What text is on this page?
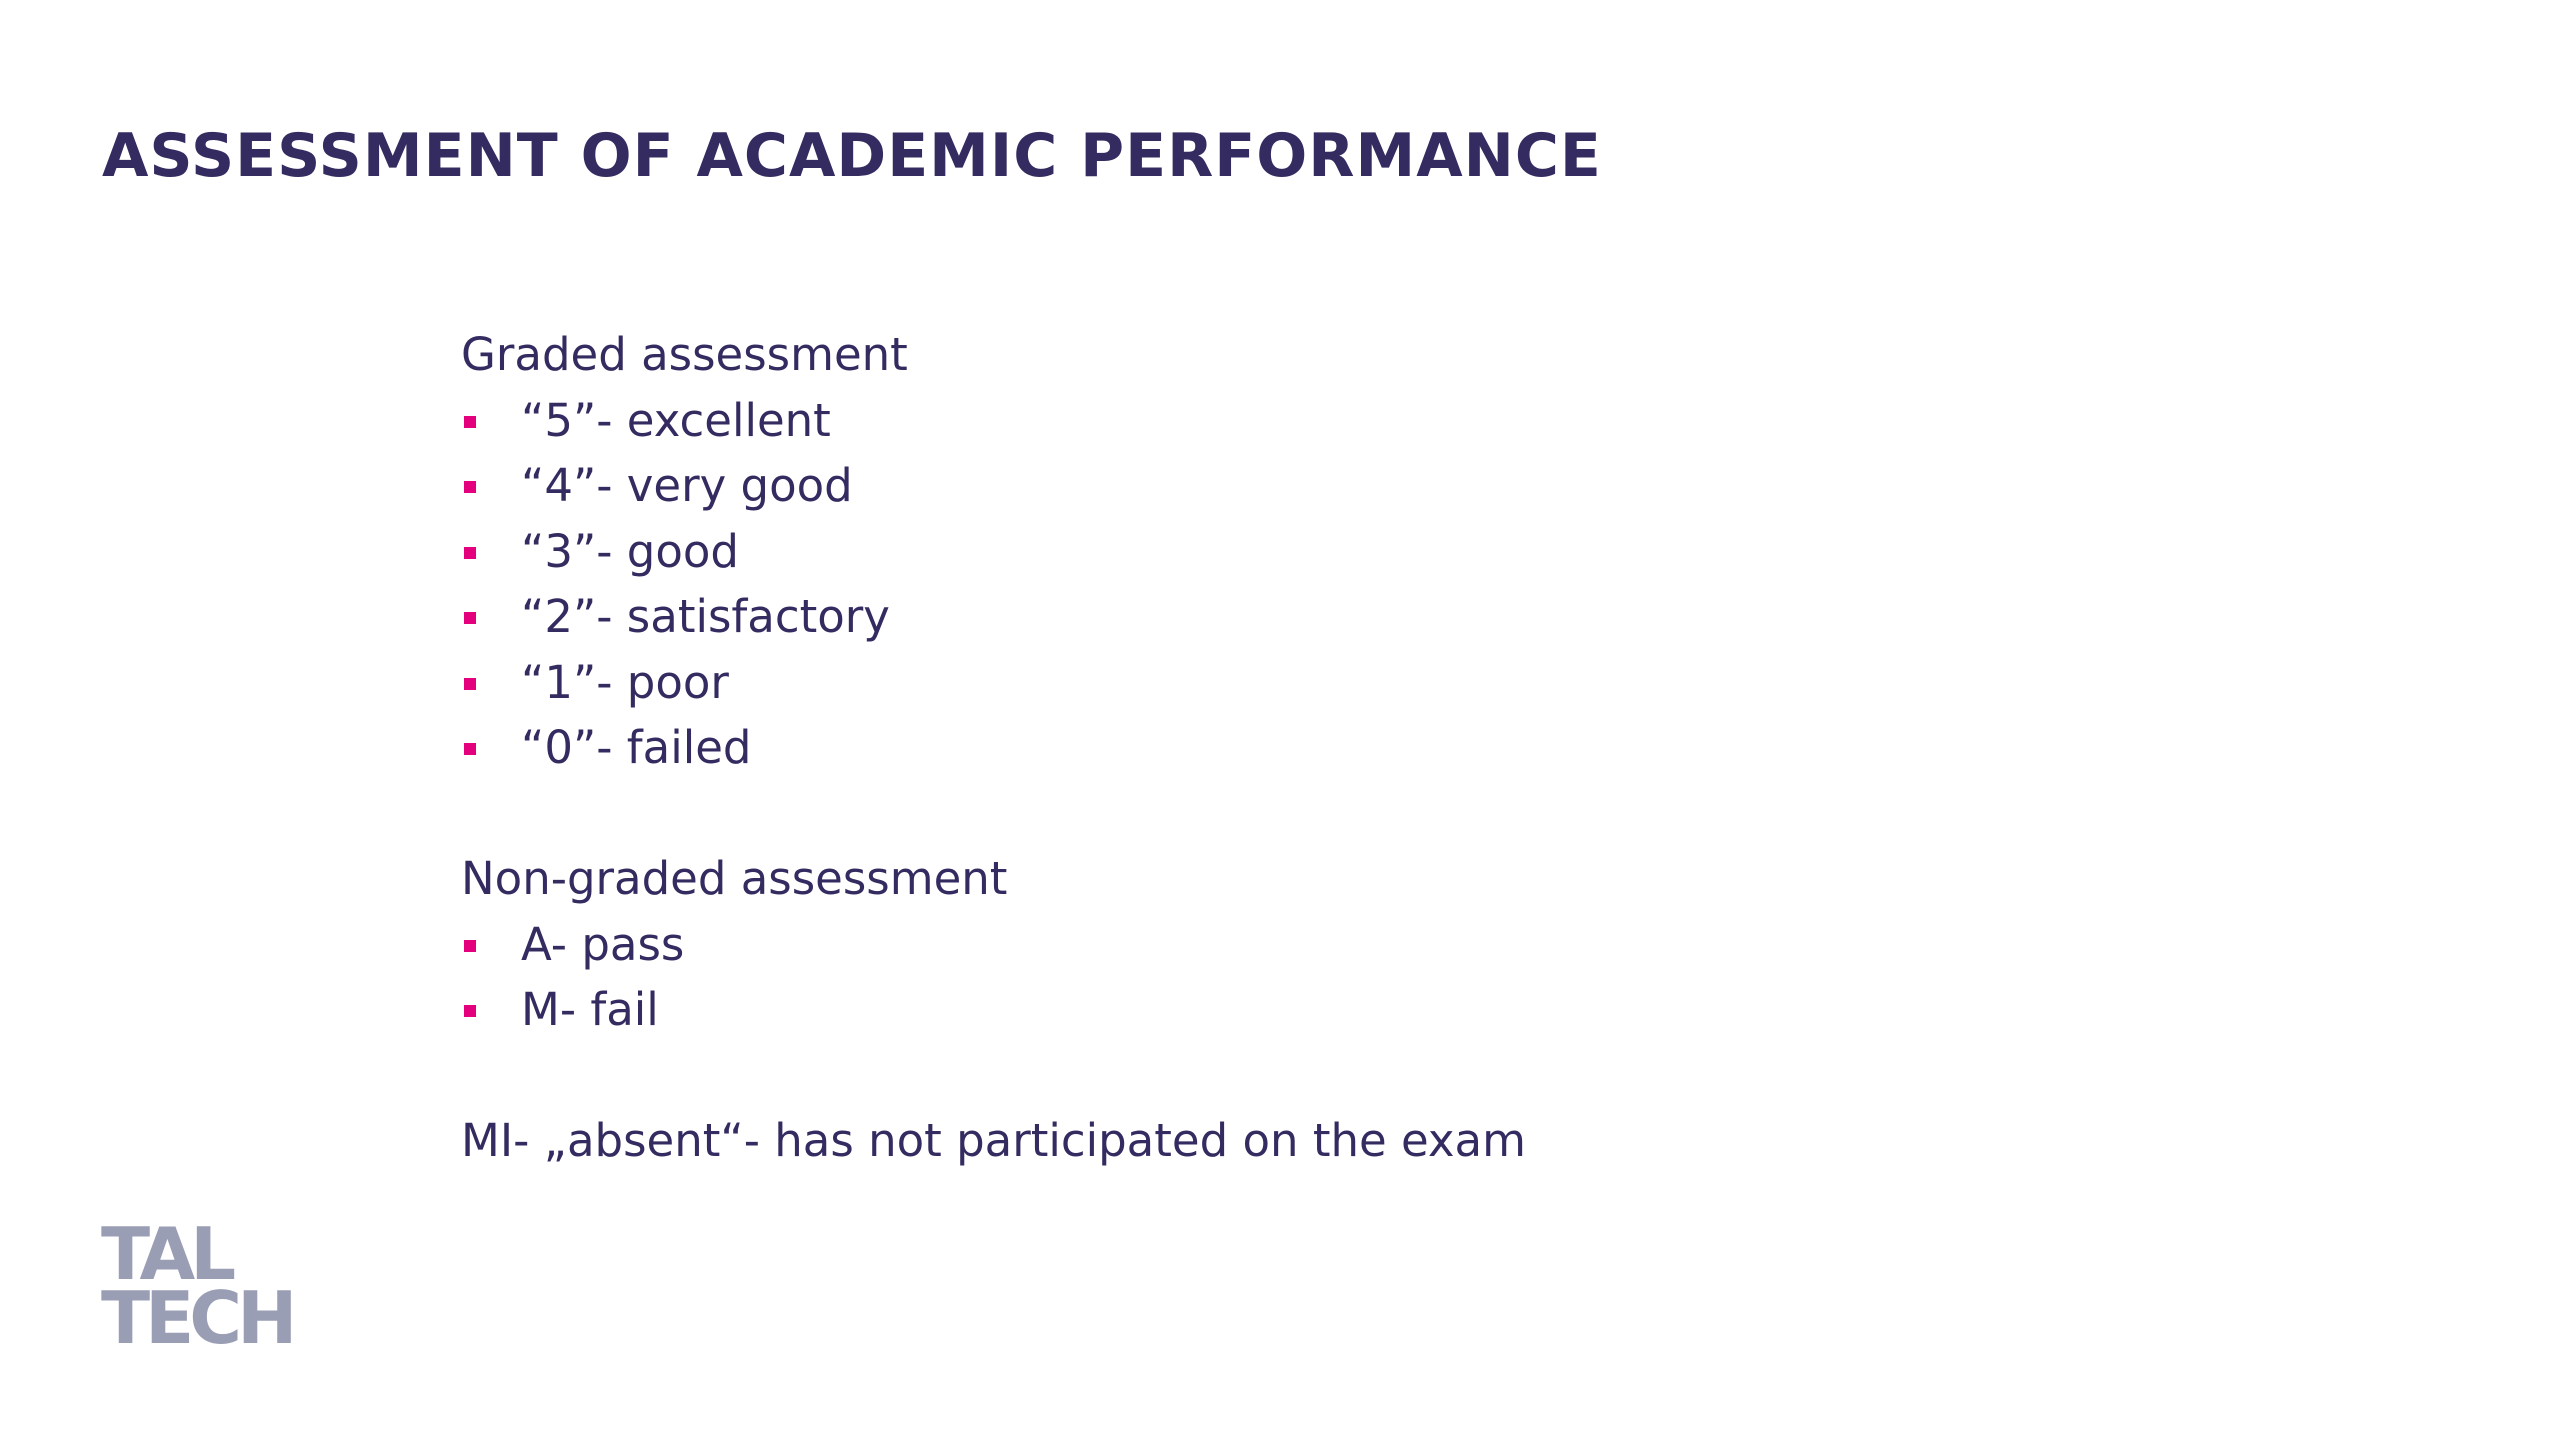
ASSESSMENT OF ACADEMIC PERFORMANCE

Graded assessment

“5”- excellent
“4”- very good
“3”- good
“2”- satisfactory
“1”- poor
“0”- failed

Non-graded assessment

A- pass
M- fail

MI- „absent“- has not participated on the exam

TAL
TECH
